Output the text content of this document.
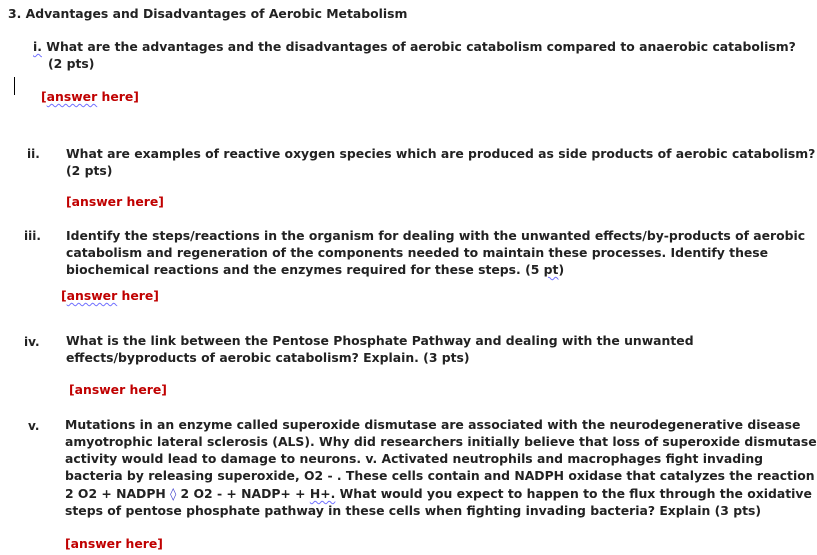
3. Advantages and Disadvantages of Aerobic Metabolism
i. What are the advantages and the disadvantages of aerobic catabolism compared to anaerobic catabolism?
(2 pts)
[answer here]
ii. What are examples of reactive oxygen species which are produced as side products of aerobic catabolism?
(2 pts)
[answer here]
iii. Identify the steps/reactions in the organism for dealing with the unwanted effects/by-products of aerobic
catabolism and regeneration of the components needed to maintain these processes. Identify these
biochemical reactions and the enzymes required for these steps. (5 pt)
[answer here]
iv. What is the link between the Pentose Phosphate Pathway and dealing with the unwanted
effects/byproducts of aerobic catabolism? Explain. (3 pts)
[answer here]
v. Mutations in an enzyme called superoxide dismutase are associated with the neurodegenerative disease
amyotrophic lateral sclerosis (ALS). Why did researchers initially believe that loss of superoxide dismutase
activity would lead to damage to neurons. v. Activated neutrophils and macrophages fight invading
bacteria by releasing superoxide, O2 - . These cells contain and NADPH oxidase that catalyzes the reaction
2 O2 + NADPH ◊ 2 O2 - + NADP+ + H+. What would you expect to happen to the flux through the oxidative
steps of pentose phosphate pathway in these cells when fighting invading bacteria? Explain (3 pts)
[answer here]
